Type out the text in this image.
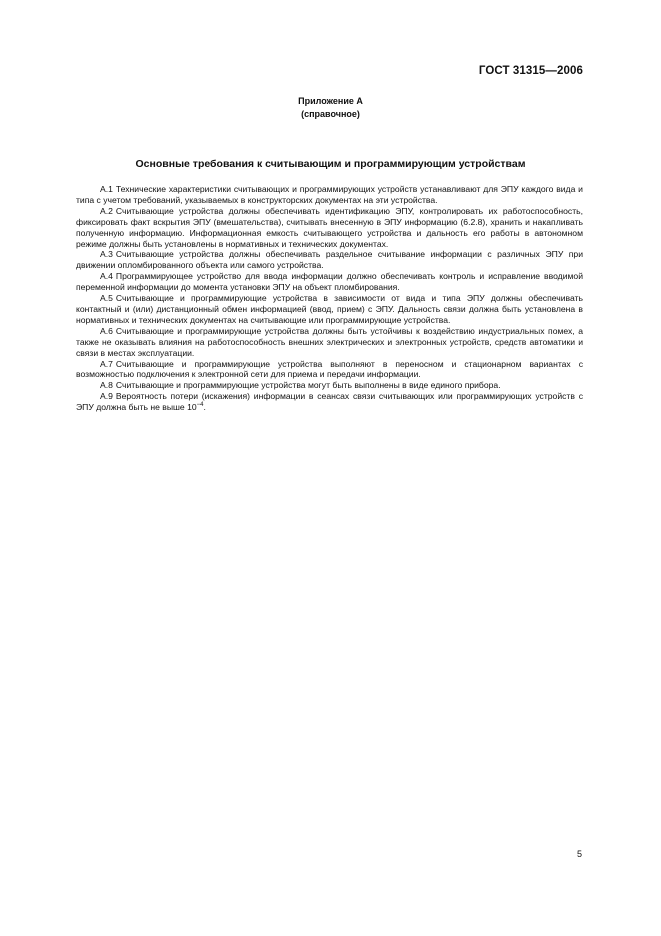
ГОСТ 31315—2006
Приложение А
(справочное)
Основные требования к считывающим и программирующим устройствам

А.1 Технические характеристики считывающих и программирующих устройств устанавливают для ЭПУ каждого вида и типа с учетом требований, указываемых в конструкторских документах на эти устройства.

А.2 Считывающие устройства должны обеспечивать идентификацию ЭПУ, контролировать их работоспособность, фиксировать факт вскрытия ЭПУ (вмешательства), считывать внесенную в ЭПУ информацию (6.2.8), хранить и накапливать полученную информацию. Информационная емкость считывающего устройства и дальность его работы в автономном режиме должны быть установлены в нормативных и технических документах.

А.3 Считывающие устройства должны обеспечивать раздельное считывание информации с различных ЭПУ при движении опломбированного объекта или самого устройства.

А.4 Программирующее устройство для ввода информации должно обеспечивать контроль и исправление вводимой переменной информации до момента установки ЭПУ на объект пломбирования.

А.5 Считывающие и программирующие устройства в зависимости от вида и типа ЭПУ должны обеспечивать контактный и (или) дистанционный обмен информацией (ввод, прием) с ЭПУ. Дальность связи должна быть установлена в нормативных и технических документах на считывающие или программирующие устройства.

А.6 Считывающие и программирующие устройства должны быть устойчивы к воздействию индустриальных помех, а также не оказывать влияния на работоспособность внешних электрических и электронных устройств, средств автоматики и связи в местах эксплуатации.

А.7 Считывающие и программирующие устройства выполняют в переносном и стационарном вариантах с возможностью подключения к электронной сети для приема и передачи информации.

А.8 Считывающие и программирующие устройства могут быть выполнены в виде единого прибора.

А.9 Вероятность потери (искажения) информации в сеансах связи считывающих или программирующих устройств с ЭПУ должна быть не выше $10^{-4}$.

5
